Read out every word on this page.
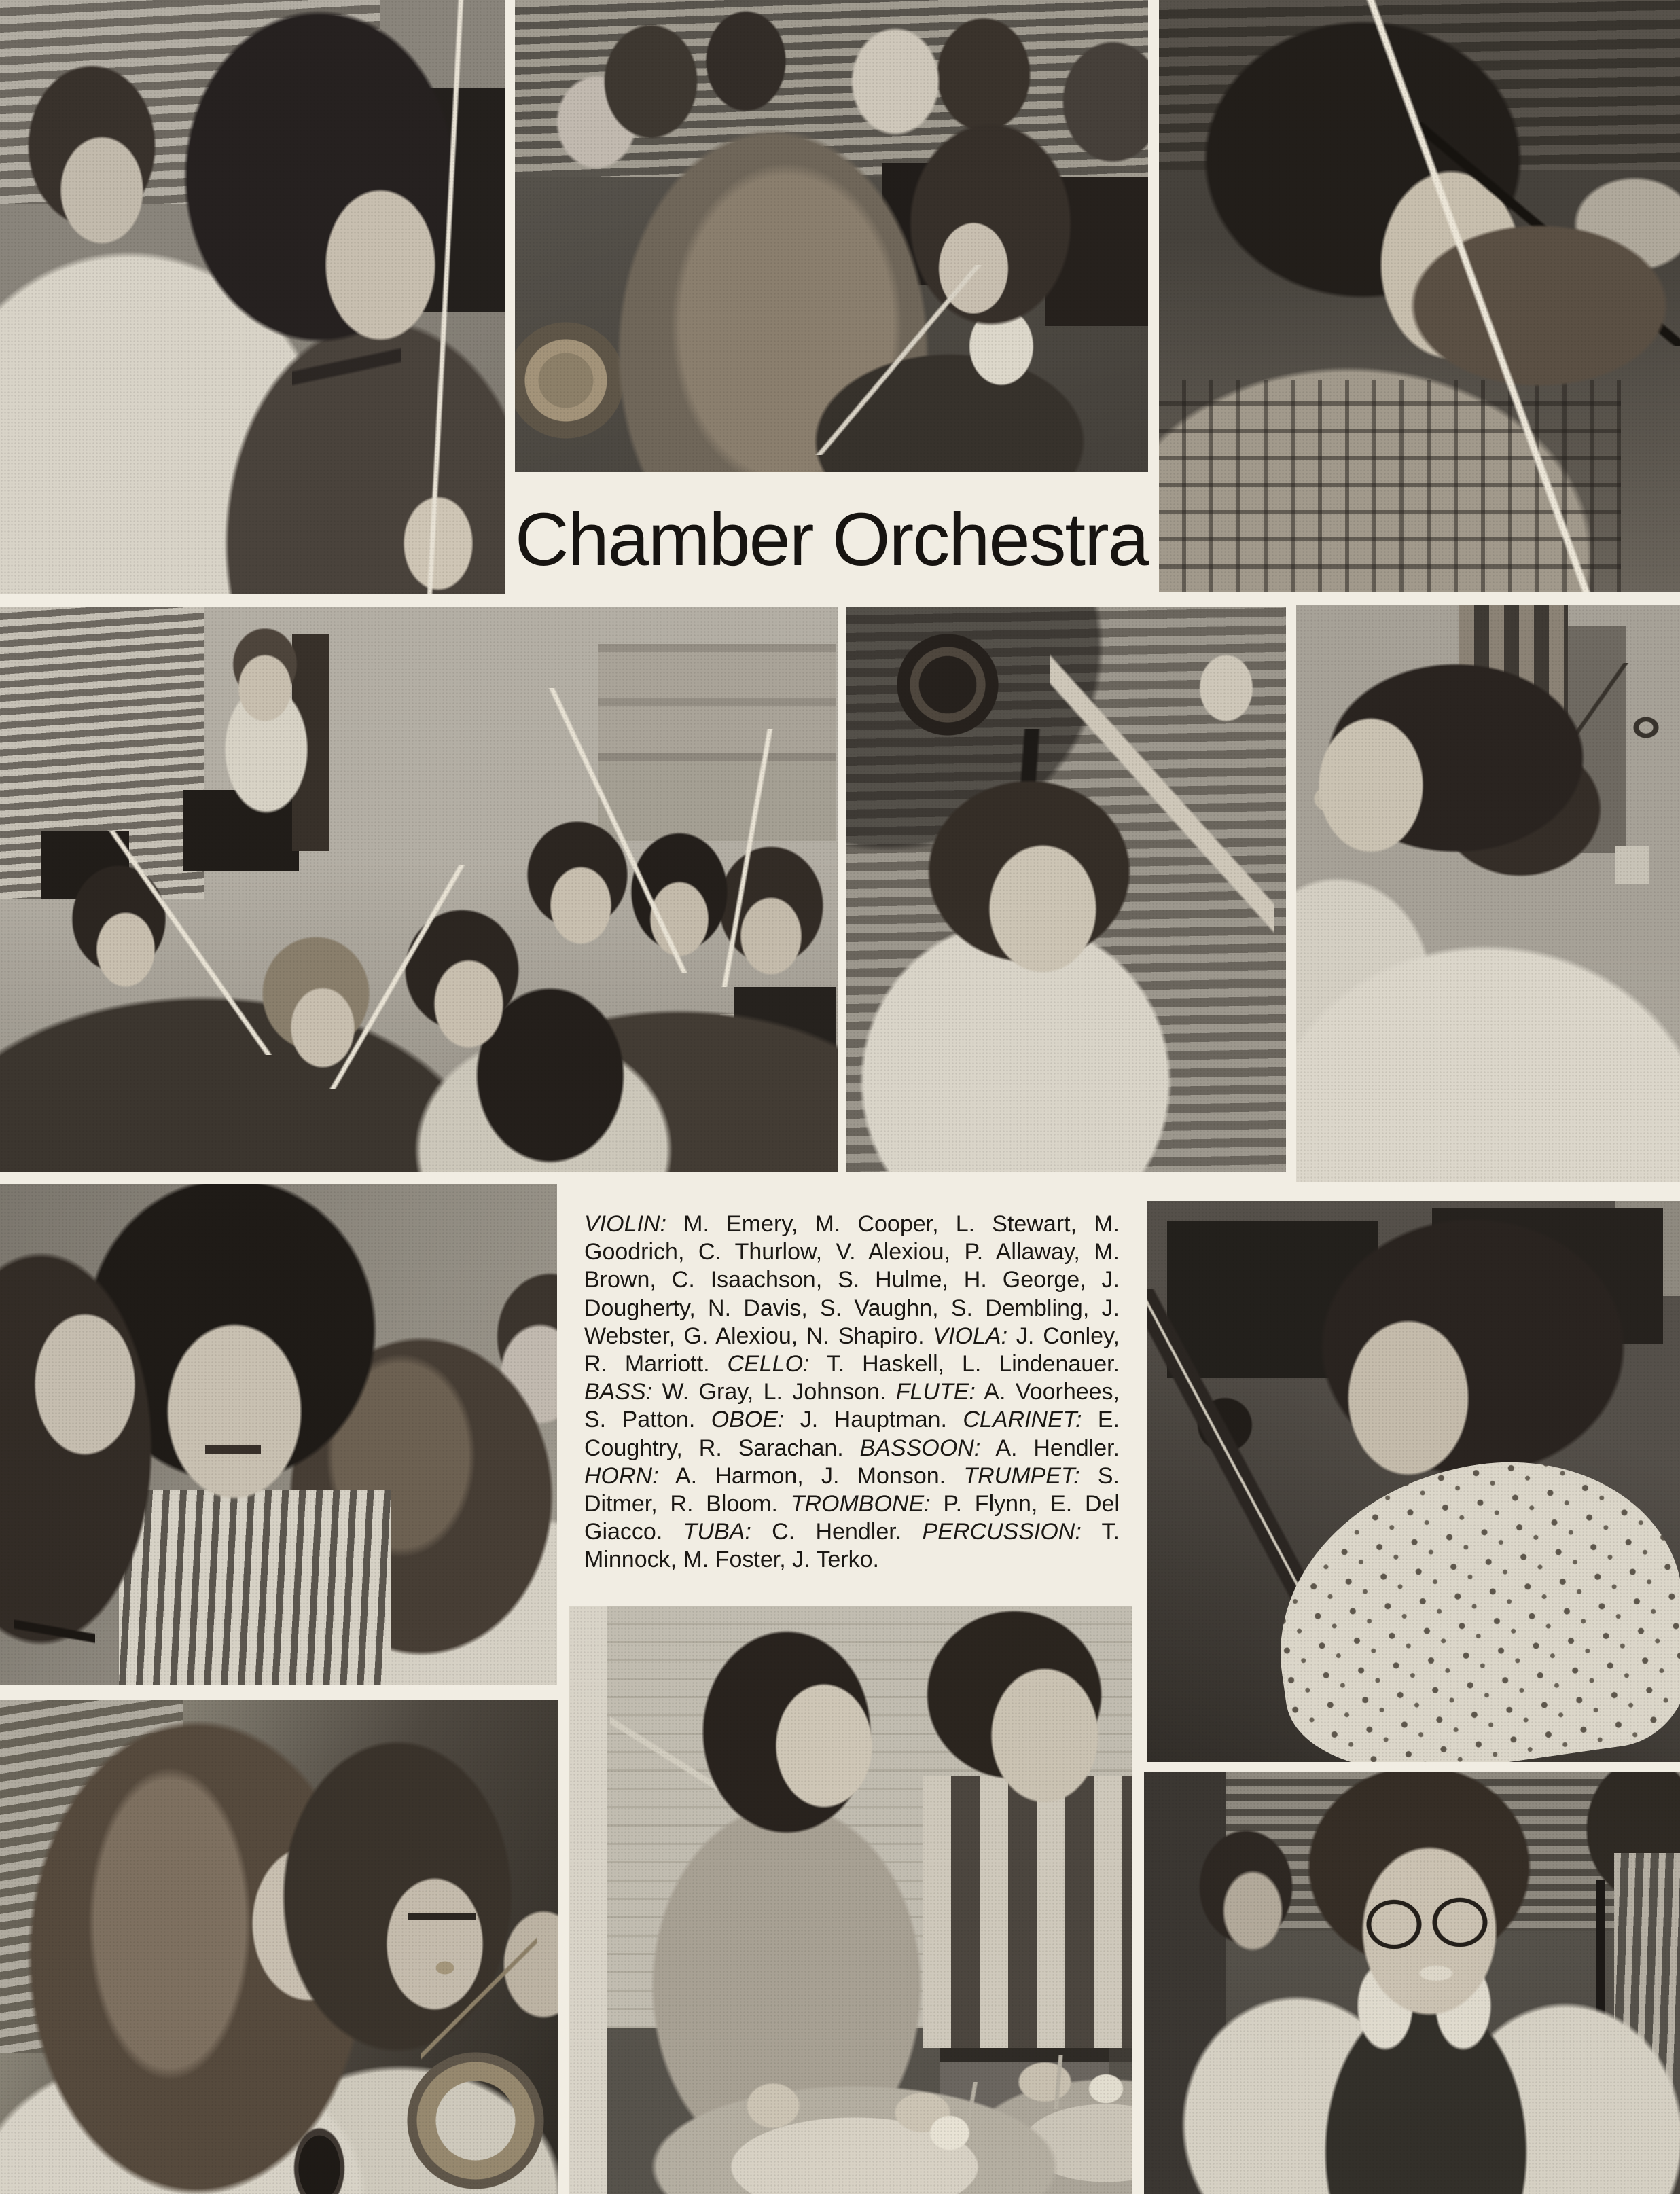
Chamber Orchestra
VIOLIN: M. Emery, M. Cooper, L. Stewart, M. Goodrich, C. Thurlow, V. Alexiou, P. Allaway, M. Brown, C. Isaachson, S. Hulme, H. George, J. Dougherty, N. Davis, S. Vaughn, S. Dembling, J. Webster, G. Alexiou, N. Shapiro. VIOLA: J. Conley, R. Marriott. CELLO: T. Haskell, L. Lindenauer. BASS: W. Gray, L. Johnson. FLUTE: A. Voorhees, S. Patton. OBOE: J. Hauptman. CLARINET: E. Coughtry, R. Sarachan. BASSOON: A. Hendler. HORN: A. Harmon, J. Monson. TRUMPET: S. Ditmer, R. Bloom. TROMBONE: P. Flynn, E. Del Giacco. TUBA: C. Hendler. PERCUSSION: T. Minnock, M. Foster, J. Terko.
